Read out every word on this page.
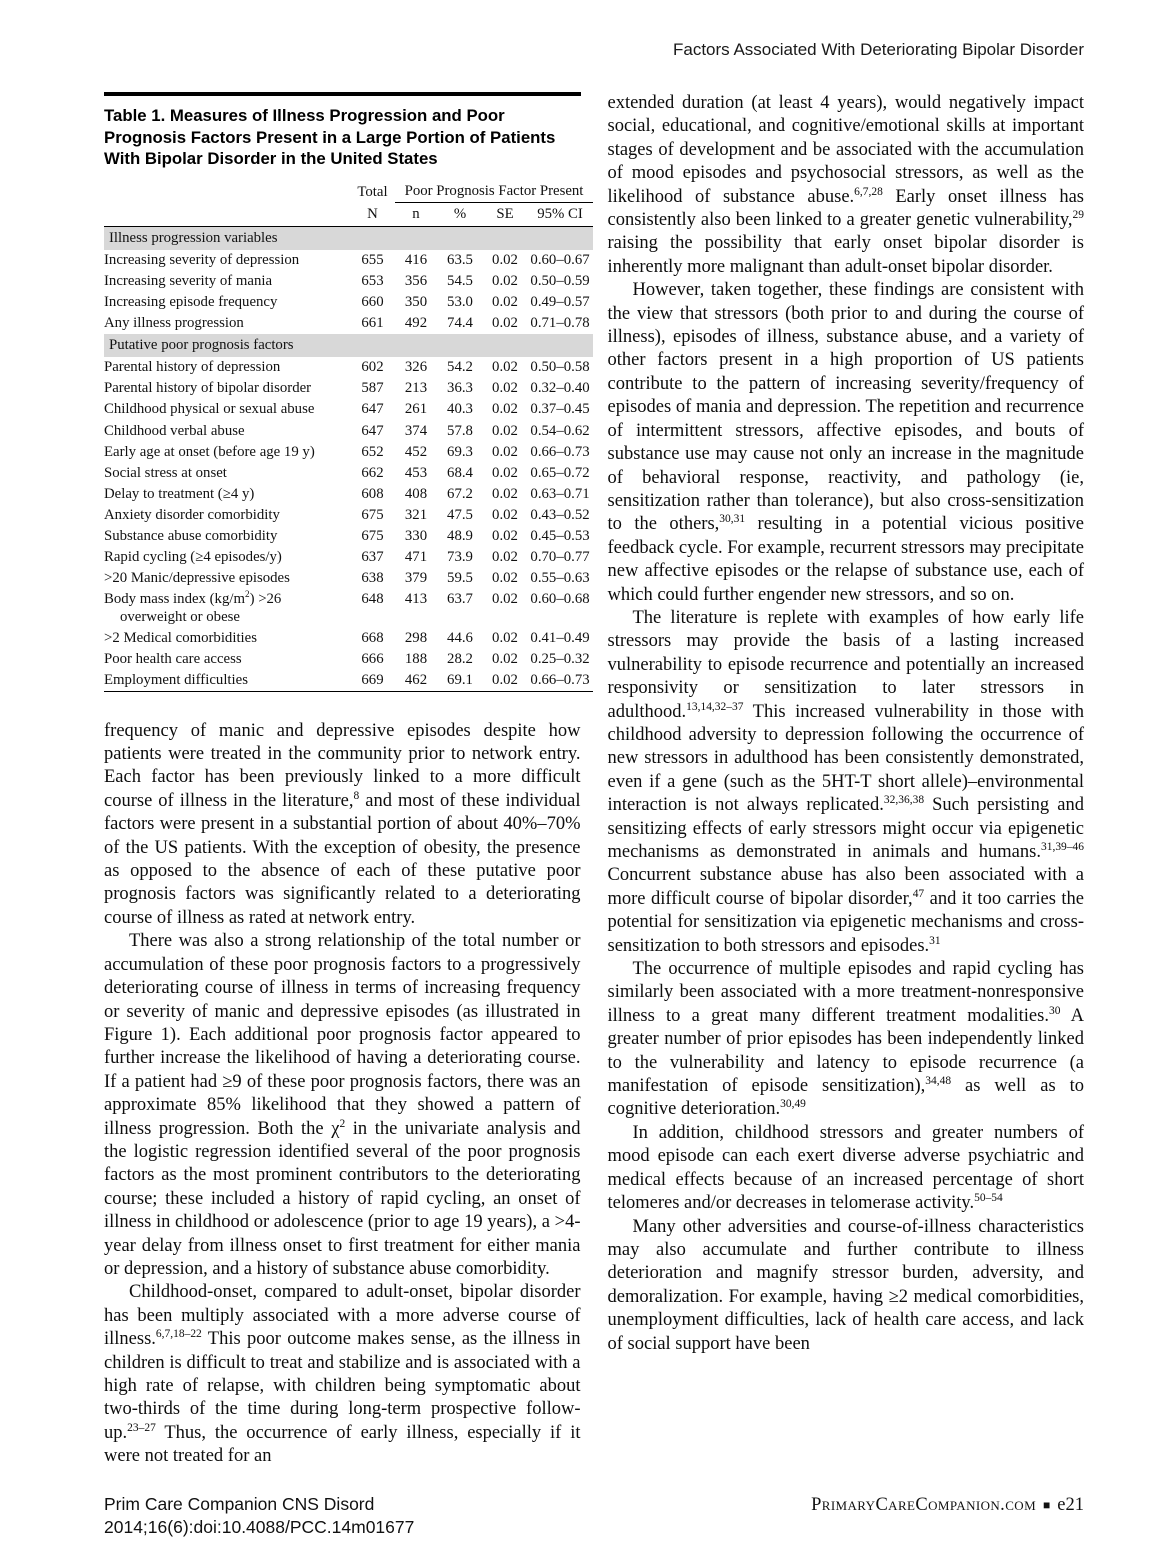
Factors Associated With Deteriorating Bipolar Disorder
Table 1. Measures of Illness Progression and Poor Prognosis Factors Present in a Large Portion of Patients With Bipolar Disorder in the United States
	Total	Poor Prognosis Factor Present			
	N	n	%	SE	95% CI
Illness progression variables					
Increasing severity of depression	655	416	63.5	0.02	0.60–0.67
Increasing severity of mania	653	356	54.5	0.02	0.50–0.59
Increasing episode frequency	660	350	53.0	0.02	0.49–0.57
Any illness progression	661	492	74.4	0.02	0.71–0.78
Putative poor prognosis factors					
Parental history of depression	602	326	54.2	0.02	0.50–0.58
Parental history of bipolar disorder	587	213	36.3	0.02	0.32–0.40
Childhood physical or sexual abuse	647	261	40.3	0.02	0.37–0.45
Childhood verbal abuse	647	374	57.8	0.02	0.54–0.62
Early age at onset (before age 19 y)	652	452	69.3	0.02	0.66–0.73
Social stress at onset	662	453	68.4	0.02	0.65–0.72
Delay to treatment (≥4 y)	608	408	67.2	0.02	0.63–0.71
Anxiety disorder comorbidity	675	321	47.5	0.02	0.43–0.52
Substance abuse comorbidity	675	330	48.9	0.02	0.45–0.53
Rapid cycling (≥4 episodes/y)	637	471	73.9	0.02	0.70–0.77
>20 Manic/depressive episodes	638	379	59.5	0.02	0.55–0.63
Body mass index $(kg/m^2) >26$ overweight or obese	648	413	63.7	0.02	0.60–0.68
>2 Medical comorbidities	668	298	44.6	0.02	0.41–0.49
Poor health care access	666	188	28.2	0.02	0.25–0.32
Employment difficulties	669	462	69.1	0.02	0.66–0.73

frequency of manic and depressive episodes despite how patients were treated in the community prior to network entry. Each factor has been previously linked to a more difficult course of illness in the literature,$^8$ and most of these individual factors were present in a substantial portion of about 40%–70% of the US patients. With the exception of obesity, the presence as opposed to the absence of each of these putative poor prognosis factors was significantly related to a deteriorating course of illness as rated at network entry.

There was also a strong relationship of the total number or accumulation of these poor prognosis factors to a progressively deteriorating course of illness in terms of increasing frequency or severity of manic and depressive episodes (as illustrated in Figure 1). Each additional poor prognosis factor appeared to further increase the likelihood of having a deteriorating course. If a patient had ≥9 of these poor prognosis factors, there was an approximate 85% likelihood that they showed a pattern of illness progression. Both the $\chi^2$ in the univariate analysis and the logistic regression identified several of the poor prognosis factors as the most prominent contributors to the deteriorating course; these included a history of rapid cycling, an onset of illness in childhood or adolescence (prior to age 19 years), a >4-year delay from illness onset to first treatment for either mania or depression, and a history of substance abuse comorbidity.

Childhood-onset, compared to adult-onset, bipolar disorder has been multiply associated with a more adverse course of illness.$^{6,7,18-22}$ This poor outcome makes sense, as the illness in children is difficult to treat and stabilize and is associated with a high rate of relapse, with children being symptomatic about two-thirds of the time during long-term prospective follow-up.$^{23-27}$ Thus, the occurrence of early illness, especially if it were not treated for an

extended duration (at least 4 years), would negatively impact social, educational, and cognitive/emotional skills at important stages of development and be associated with the accumulation of mood episodes and psychosocial stressors, as well as the likelihood of substance abuse.$^{6,7,28}$ Early onset illness has consistently also been linked to a greater genetic vulnerability,$^{29}$ raising the possibility that early onset bipolar disorder is inherently more malignant than adult-onset bipolar disorder.

However, taken together, these findings are consistent with the view that stressors (both prior to and during the course of illness), episodes of illness, substance abuse, and a variety of other factors present in a high proportion of US patients contribute to the pattern of increasing severity/frequency of episodes of mania and depression. The repetition and recurrence of intermittent stressors, affective episodes, and bouts of substance use may cause not only an increase in the magnitude of behavioral response, reactivity, and pathology (ie, sensitization rather than tolerance), but also cross-sensitization to the others,$^{30,31}$ resulting in a potential vicious positive feedback cycle. For example, recurrent stressors may precipitate new affective episodes or the relapse of substance use, each of which could further engender new stressors, and so on.

The literature is replete with examples of how early life stressors may provide the basis of a lasting increased vulnerability to episode recurrence and potentially an increased responsivity or sensitization to later stressors in adulthood.$^{13,14,32-37}$ This increased vulnerability in those with childhood adversity to depression following the occurrence of new stressors in adulthood has been consistently demonstrated, even if a gene (such as the 5HT-T short allele)–environmental interaction is not always replicated.$^{32,36,38}$ Such persisting and sensitizing effects of early stressors might occur via epigenetic mechanisms as demonstrated in animals and humans.$^{31,39-46}$ Concurrent substance abuse has also been associated with a more difficult course of bipolar disorder,$^{47}$ and it too carries the potential for sensitization via epigenetic mechanisms and cross-sensitization to both stressors and episodes.$^{31}$

The occurrence of multiple episodes and rapid cycling has similarly been associated with a more treatment-nonresponsive illness to a great many different treatment modalities.$^{30}$ A greater number of prior episodes has been independently linked to the vulnerability and latency to episode recurrence (a manifestation of episode sensitization),$^{34,48}$ as well as to cognitive deterioration.$^{30,49}$

In addition, childhood stressors and greater numbers of mood episode can each exert diverse adverse psychiatric and medical effects because of an increased percentage of short telomeres and/or decreases in telomerase activity.$^{50-54}$

Many other adversities and course-of-illness characteristics may also accumulate and further contribute to illness deterioration and magnify stressor burden, adversity, and demoralization. For example, having ≥2 medical comorbidities, unemployment difficulties, lack of health care access, and lack of social support have been

Prim Care Companion CNS Disord
2014;16(6):doi:10.4088/PCC.14m01677
PrimaryCareCompanion.com ■ e21
